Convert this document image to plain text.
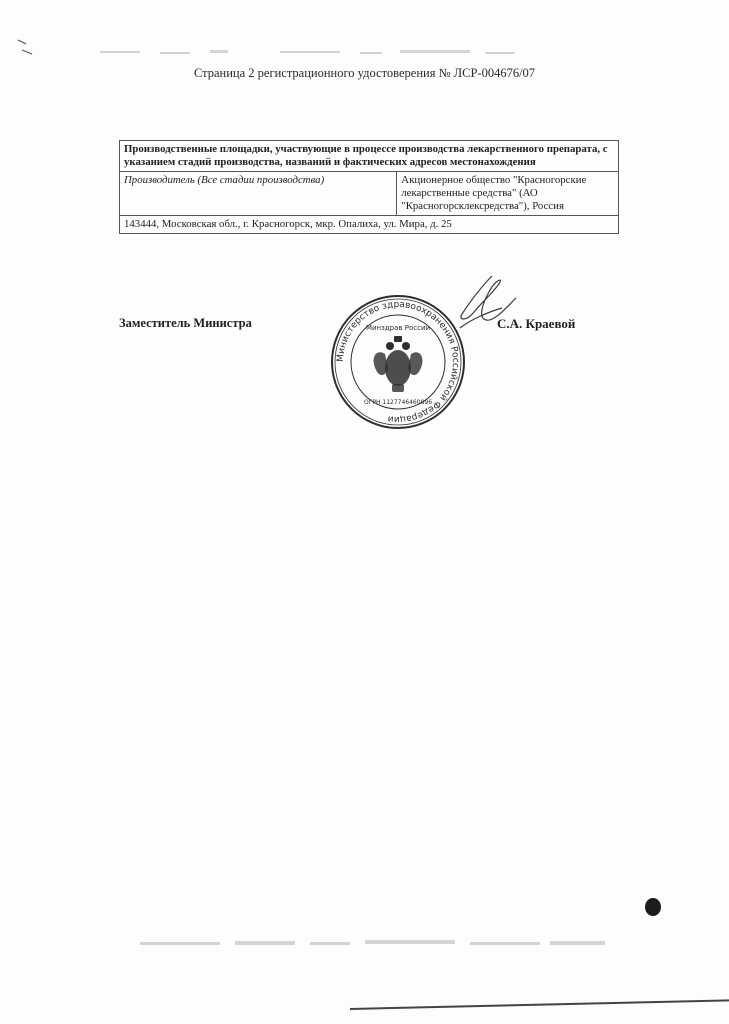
Страница 2 регистрационного удостоверения № ЛСР-004676/07
Производственные площадки, участвующие в процессе производства лекарственного препарата, с указанием стадий производства, названий и фактических адресов местонахождения
Производитель (Все стадии производства)	Акционерное общество "Красногорские лекарственные средства" (АО "Красногорсклексредства"), Россия
143444, Московская обл., г. Красногорск, мкр. Опалиха, ул. Мира, д. 25
Заместитель Министра	С.А. Краевой
Министерство здравоохранения Российской Федерации
Минздрав России
ОГРН 1127746460896
